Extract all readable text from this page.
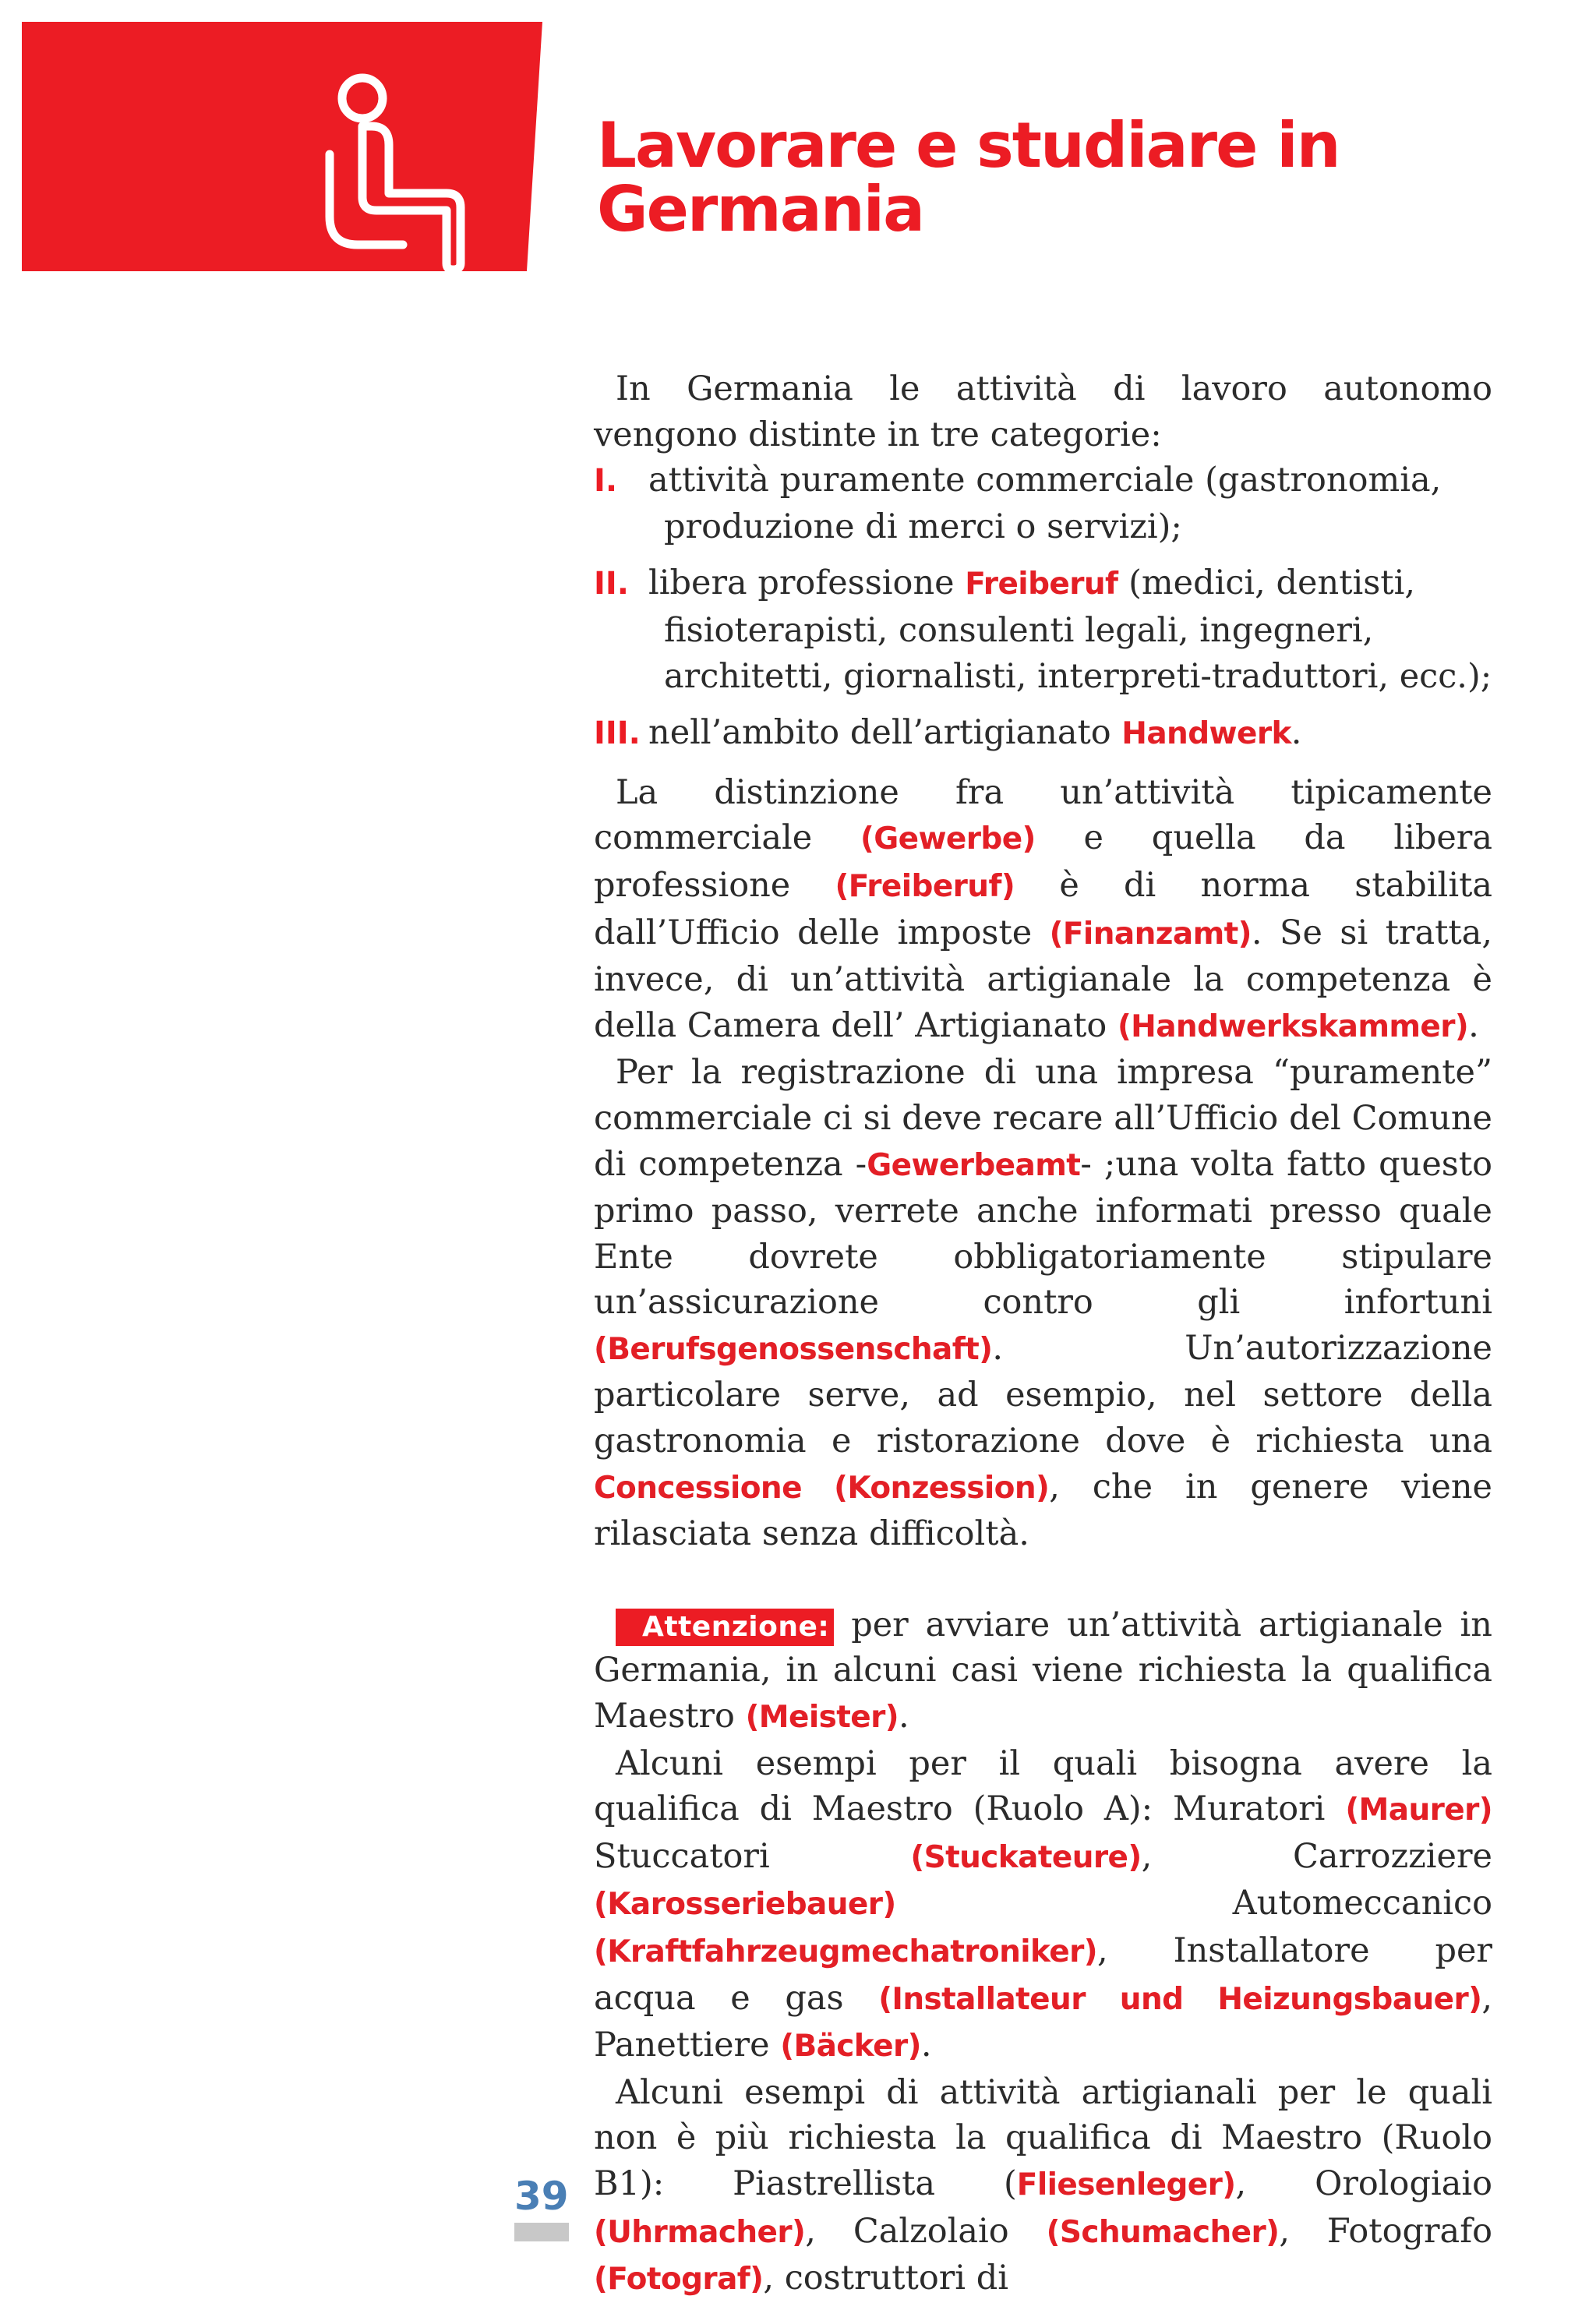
Lavorare e studiare in
Germania

In Germania le attività di lavoro autonomo vengono distinte in tre categorie:

I. attività puramente commerciale (gastronomia,
produzione di merci o servizi);
II. libera professione Freiberuf (medici, dentisti,
fisioterapisti, consulenti legali, ingegneri, architetti, giornalisti, interpreti-traduttori, ecc.);
III. nell’ambito dell’artigianato Handwerk.

La distinzione fra un’attività tipicamente commerciale (Gewerbe) e quella da libera professione (Freiberuf) è di norma stabilita dall’Ufficio delle imposte (Finanzamt). Se si tratta, invece, di un’attività artigianale la competenza è della Camera dell’ Artigianato (Handwerkskammer).

Per la registrazione di una impresa “puramente” commerciale ci si deve recare all’Ufficio del Comune di competenza -Gewerbeamt- ;una volta fatto questo primo passo, verrete anche informati presso quale Ente dovrete obbligatoriamente stipulare un’assicurazione contro gli infortuni (Berufsgenossenschaft). Un’autorizzazione particolare serve, ad esempio, nel settore della gastronomia e ristorazione dove è richiesta una Concessione (Konzession), che in genere viene rilasciata senza difficoltà.

Attenzione: per avviare un’attività artigianale in Germania, in alcuni casi viene richiesta la qualifica Maestro (Meister).

Alcuni esempi per il quali bisogna avere la qualifica di Maestro (Ruolo A): Muratori (Maurer) Stuccatori (Stuckateure), Carrozziere (Karosseriebauer) Automeccanico (Kraftfahrzeugmechatroniker), Installatore per acqua e gas (Installateur und Heizungsbauer), Panettiere (Bäcker).

Alcuni esempi di attività artigianali per le quali non è più richiesta la qualifica di Maestro (Ruolo B1): Piastrellista (Fliesenleger), Orologiaio (Uhrmacher), Calzolaio (Schumacher), Fotografo (Fotograf), costruttori di

39
